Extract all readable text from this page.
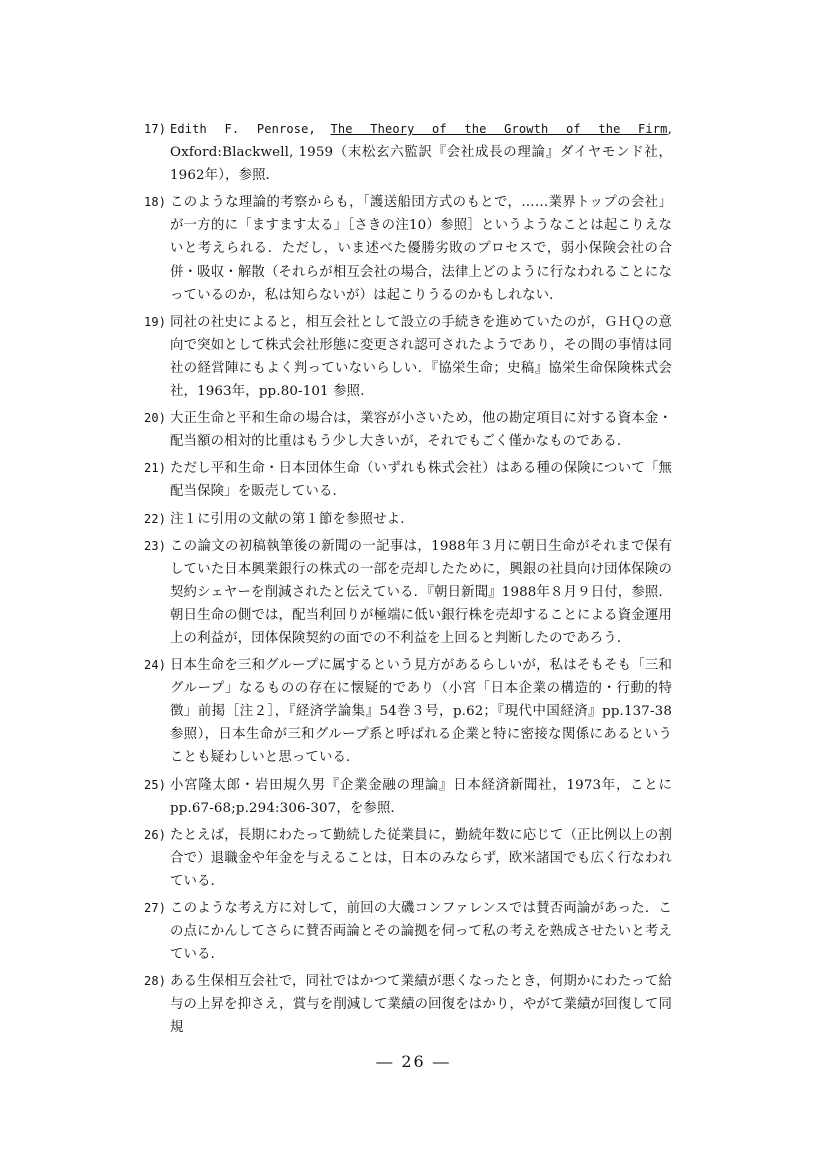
17) Edith F. Penrose, The Theory of the Growth of the Firm, Oxford:Blackwell, 1959（末松玄六監訳『会社成長の理論』ダイヤモンド社，1962年），参照．
18) このような理論的考察からも，「護送船団方式のもとで，……業界トップの会社」が一方的に「ますます太る」［さきの注10）参照］というようなことは起こりえないと考えられる．ただし，いま述べた優勝劣敗のプロセスで，弱小保険会社の合併・吸収・解散（それらが相互会社の場合，法律上どのように行なわれることになっているのか，私は知らないが）は起こりうるのかもしれない．
19) 同社の社史によると，相互会社として設立の手続きを進めていたのが，ＧＨＱの意向で突如として株式会社形態に変更され認可されたようであり，その間の事情は同社の経営陣にもよく判っていないらしい．『協栄生命；史稿』協栄生命保険株式会社，1963年，pp.80-101 参照．
20) 大正生命と平和生命の場合は，業容が小さいため，他の勘定項目に対する資本金・配当額の相対的比重はもう少し大きいが，それでもごく僅かなものである．
21) ただし平和生命・日本団体生命（いずれも株式会社）はある種の保険について「無配当保険」を販売している．
22) 注１に引用の文献の第１節を参照せよ．
23) この論文の初稿執筆後の新聞の一記事は，1988年３月に朝日生命がそれまで保有していた日本興業銀行の株式の一部を売却したために，興銀の社員向け団体保険の契約シェヤーを削減されたと伝えている．『朝日新聞』1988年８月９日付，参照．朝日生命の側では，配当利回りが極端に低い銀行株を売却することによる資金運用上の利益が，団体保険契約の面での不利益を上回ると判断したのであろう．
24) 日本生命を三和グループに属するという見方があるらしいが，私はそもそも「三和グループ」なるものの存在に懐疑的であり（小宮「日本企業の構造的・行動的特徴」前掲［注２］，『経済学論集』54巻３号，p.62；『現代中国経済』pp.137-38 参照），日本生命が三和グループ系と呼ばれる企業と特に密接な関係にあるということも疑わしいと思っている．
25) 小宮隆太郎・岩田規久男『企業金融の理論』日本経済新聞社，1973年，ことにpp.67-68;p.294:306-307，を参照．
26) たとえば，長期にわたって勤続した従業員に，勤続年数に応じて（正比例以上の割合で）退職金や年金を与えることは，日本のみならず，欧米諸国でも広く行なわれている．
27) このような考え方に対して，前回の大磯コンファレンスでは賛否両論があった．この点にかんしてさらに賛否両論とその論拠を伺って私の考えを熟成させたいと考えている．
28) ある生保相互会社で，同社ではかつて業績が悪くなったとき，何期かにわたって給与の上昇を抑さえ，賞与を削減して業績の回復をはかり，やがて業績が回復して同規
― 26 ―
